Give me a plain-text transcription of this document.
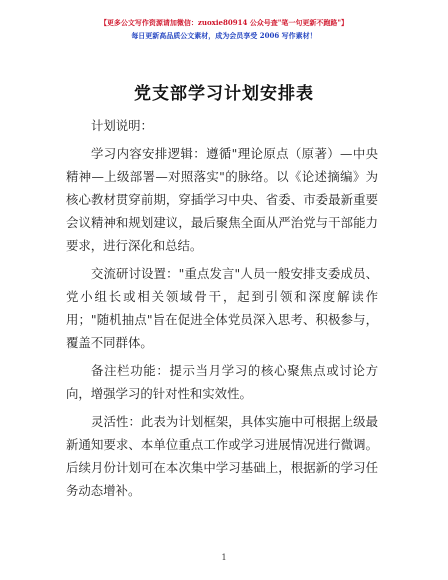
【更多公文写作资源请加微信：zuoxie80914 公众号查"笔一句更新不跑路"】
每日更新高品质公文素材，成为会员享受 2006 写作素材！
党支部学习计划安排表

计划说明：

学习内容安排逻辑：遵循"理论原点（原著）—中央精神—上级部署—对照落实"的脉络。以《论述摘编》为核心教材贯穿前期，穿插学习中央、省委、市委最新重要会议精神和规划建议，最后聚焦全面从严治党与干部能力要求，进行深化和总结。

交流研讨设置："重点发言"人员一般安排支委成员、党小组长或相关领域骨干，起到引领和深度解读作用；"随机抽点"旨在促进全体党员深入思考、积极参与，覆盖不同群体。

备注栏功能：提示当月学习的核心聚焦点或讨论方向，增强学习的针对性和实效性。

灵活性：此表为计划框架，具体实施中可根据上级最新通知要求、本单位重点工作或学习进展情况进行微调。后续月份计划可在本次集中学习基础上，根据新的学习任务动态增补。

1
